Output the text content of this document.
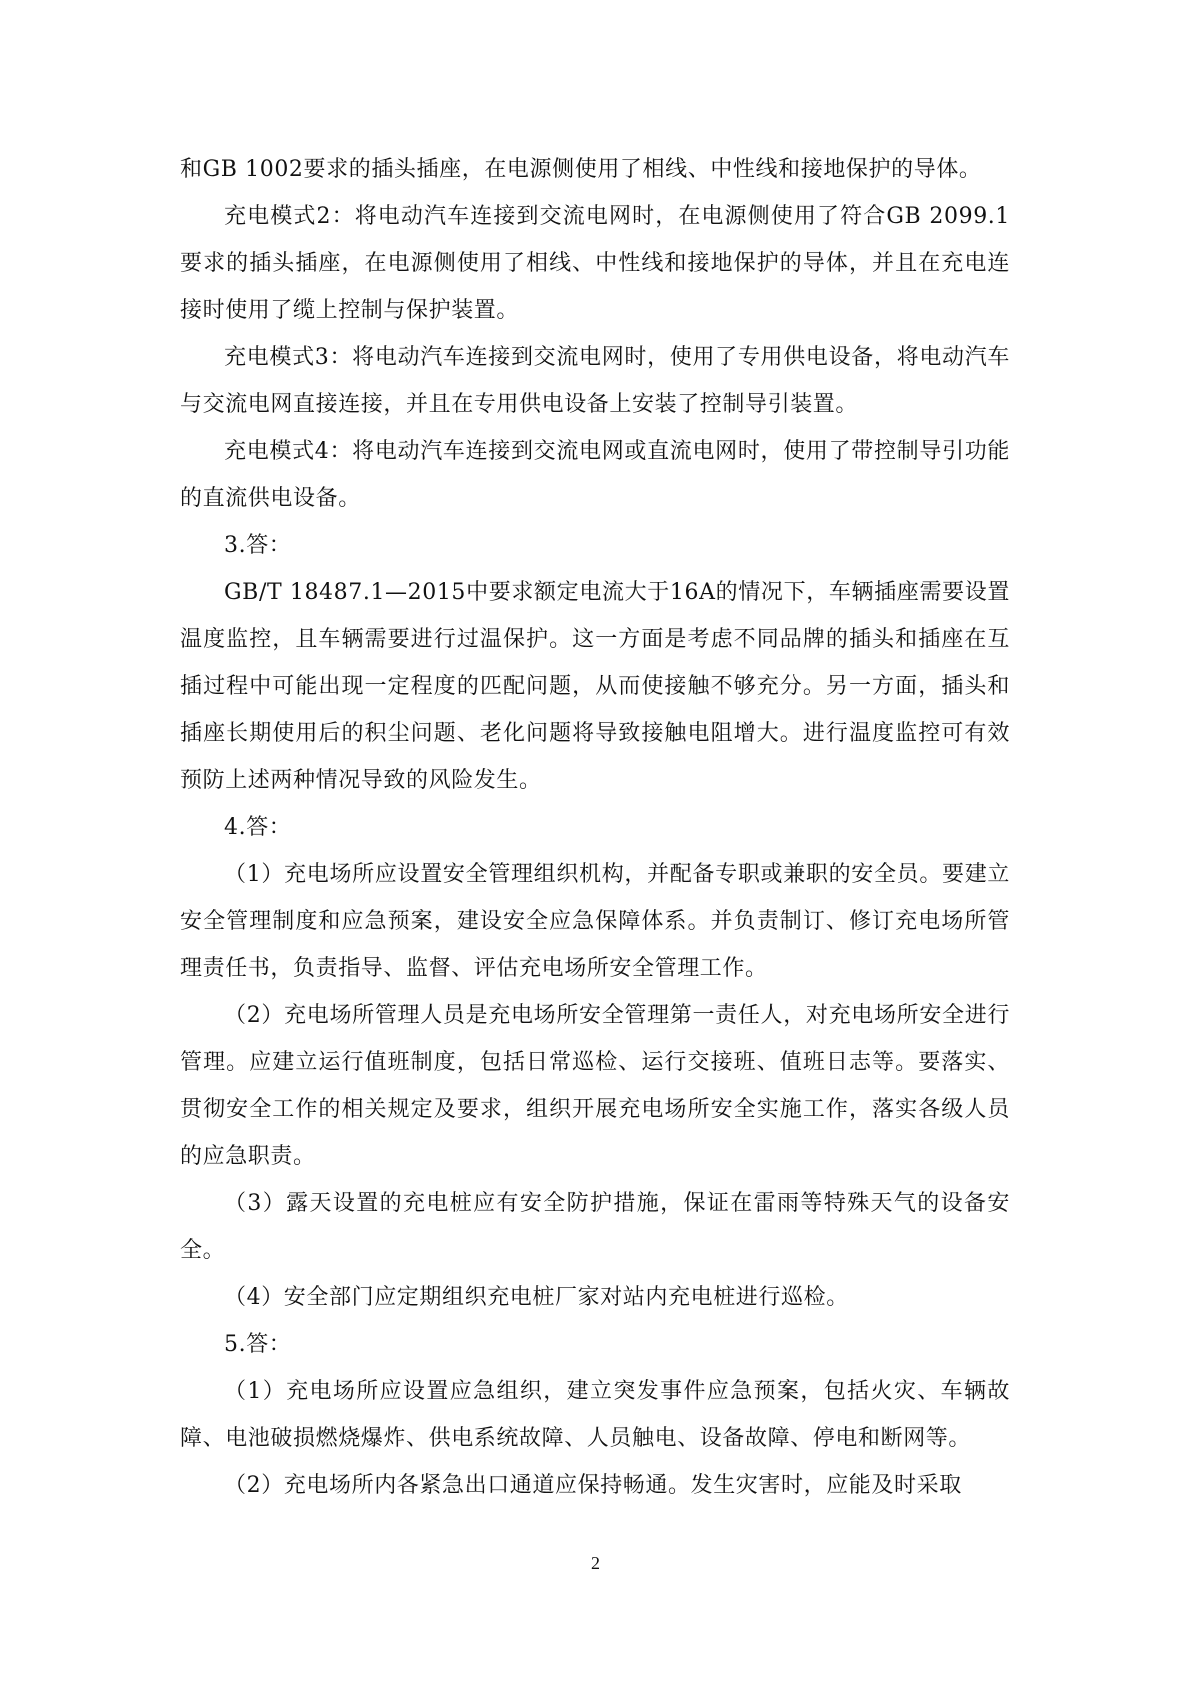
和GB 1002要求的插头插座，在电源侧使用了相线、中性线和接地保护的导体。

充电模式2：将电动汽车连接到交流电网时，在电源侧使用了符合GB 2099.1要求的插头插座，在电源侧使用了相线、中性线和接地保护的导体，并且在充电连接时使用了缆上控制与保护装置。

充电模式3：将电动汽车连接到交流电网时，使用了专用供电设备，将电动汽车与交流电网直接连接，并且在专用供电设备上安装了控制导引装置。

充电模式4：将电动汽车连接到交流电网或直流电网时，使用了带控制导引功能的直流供电设备。

3.答：

GB/T 18487.1—2015中要求额定电流大于16A的情况下，车辆插座需要设置温度监控，且车辆需要进行过温保护。这一方面是考虑不同品牌的插头和插座在互插过程中可能出现一定程度的匹配问题，从而使接触不够充分。另一方面，插头和插座长期使用后的积尘问题、老化问题将导致接触电阻增大。进行温度监控可有效预防上述两种情况导致的风险发生。

4.答：

（1）充电场所应设置安全管理组织机构，并配备专职或兼职的安全员。要建立安全管理制度和应急预案，建设安全应急保障体系。并负责制订、修订充电场所管理责任书，负责指导、监督、评估充电场所安全管理工作。

（2）充电场所管理人员是充电场所安全管理第一责任人，对充电场所安全进行管理。应建立运行值班制度，包括日常巡检、运行交接班、值班日志等。要落实、贯彻安全工作的相关规定及要求，组织开展充电场所安全实施工作，落实各级人员的应急职责。

（3）露天设置的充电桩应有安全防护措施，保证在雷雨等特殊天气的设备安全。

（4）安全部门应定期组织充电桩厂家对站内充电桩进行巡检。

5.答：

（1）充电场所应设置应急组织，建立突发事件应急预案，包括火灾、车辆故障、电池破损燃烧爆炸、供电系统故障、人员触电、设备故障、停电和断网等。

（2）充电场所内各紧急出口通道应保持畅通。发生灾害时，应能及时采取

2
